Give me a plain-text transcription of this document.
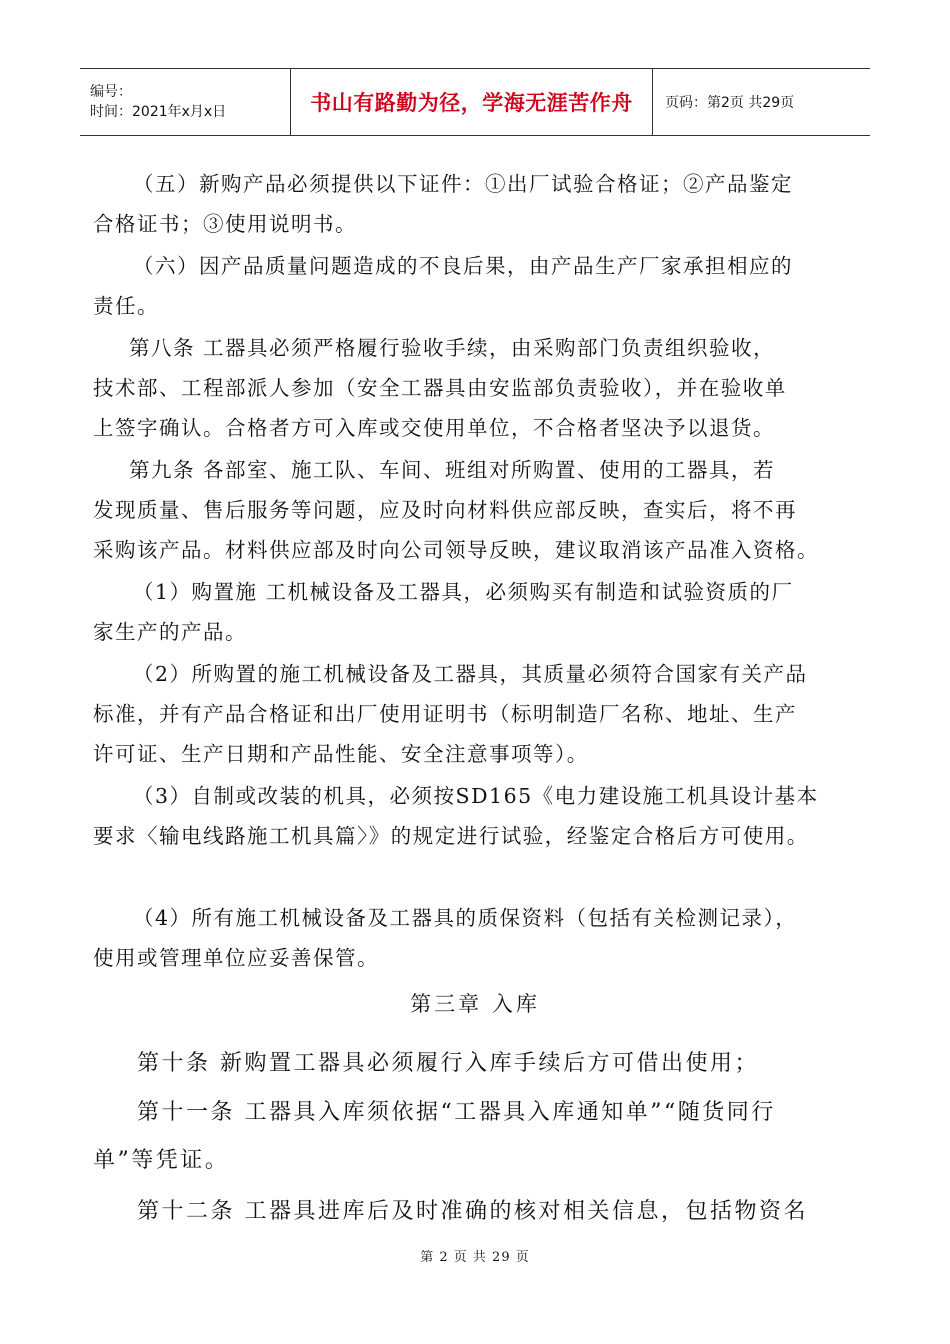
编号：
时间：2021年x月x日	书山有路勤为径，学海无涯苦作舟 页码：第2页 共29页

（五）新购产品必须提供以下证件：①出厂试验合格证；②产品鉴定
合格证书；③使用说明书。

（六）因产品质量问题造成的不良后果，由产品生产厂家承担相应的
责任。

第八条 工器具必须严格履行验收手续，由采购部门负责组织验收，
技术部、工程部派人参加（安全工器具由安监部负责验收），并在验收单
上签字确认。合格者方可入库或交使用单位，不合格者坚决予以退货。

第九条 各部室、施工队、车间、班组对所购置、使用的工器具，若
发现质量、售后服务等问题，应及时向材料供应部反映，查实后，将不再
采购该产品。材料供应部及时向公司领导反映，建议取消该产品准入资格。

（1）购置施 工机械设备及工器具，必须购买有制造和试验资质的厂
家生产的产品。

（2）所购置的施工机械设备及工器具，其质量必须符合国家有关产品
标准，并有产品合格证和出厂使用证明书（标明制造厂名称、地址、生产
许可证、生产日期和产品性能、安全注意事项等）。

（3）自制或改装的机具，必须按SD165《电力建设施工机具设计基本
要求〈输电线路施工机具篇〉》的规定进行试验，经鉴定合格后方可使用。

（4）所有施工机械设备及工器具的质保资料（包括有关检测记录），
使用或管理单位应妥善保管。

第三章 入库

第十条 新购置工器具必须履行入库手续后方可借出使用；

第十一条 工器具入库须依据“工器具入库通知单”“随货同行
单”等凭证。

第十二条 工器具进库后及时准确的核对相关信息，包括物资名

第 2 页 共 29 页
